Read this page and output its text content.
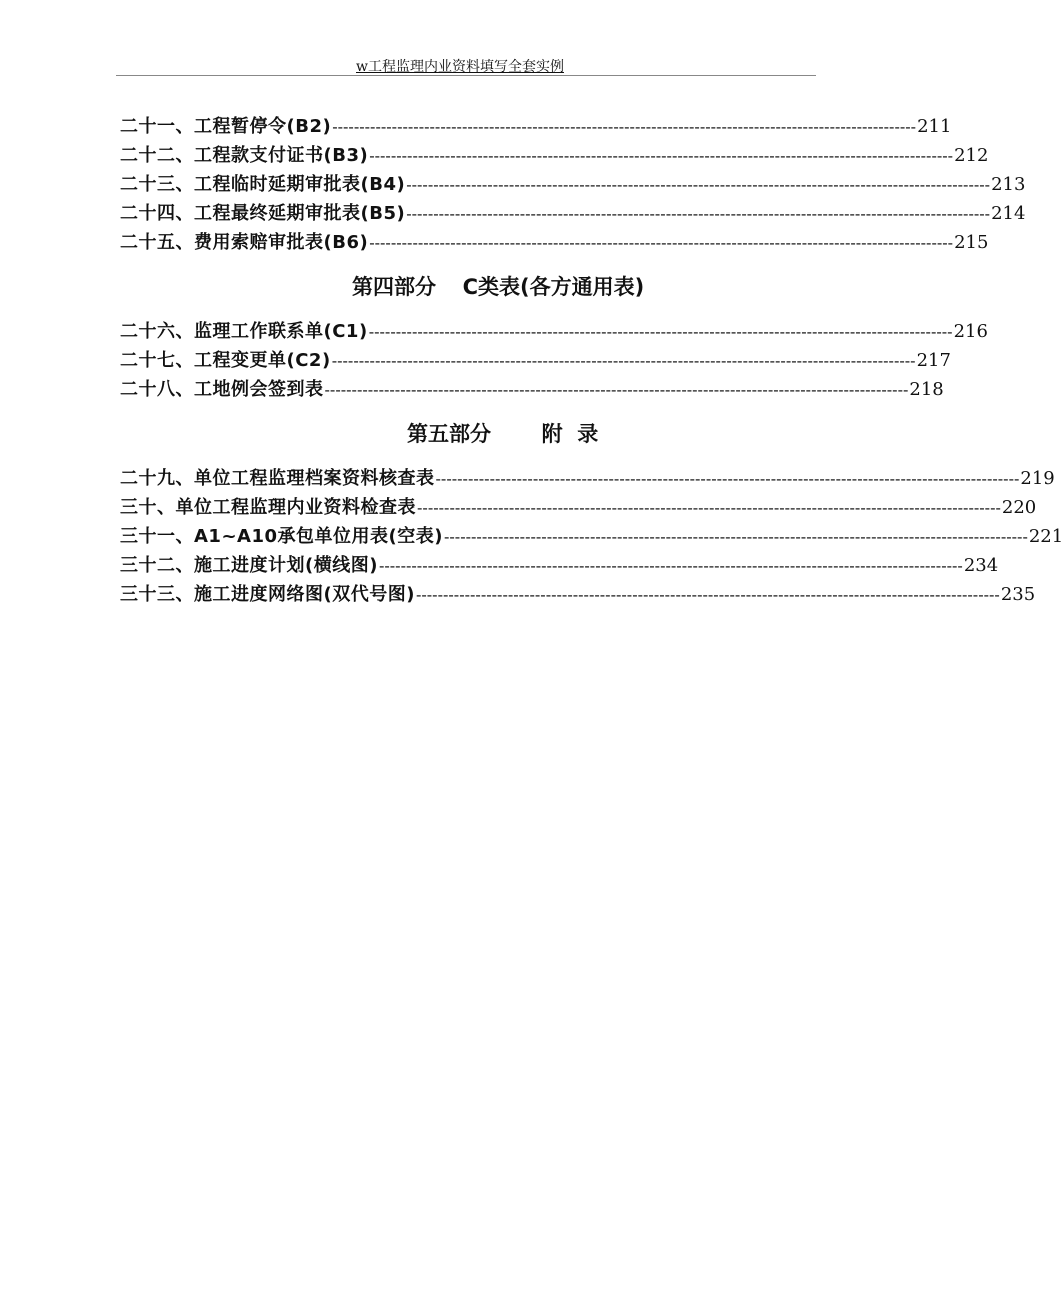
w工程监理内业资料填写全套实例
二十一、工程暂停令(B2) ------------------------------------------------------------------------------------------------------------ 211
二十二、工程款支付证书(B3) ------------------------------------------------------------------------------------------------------------ 212
二十三、工程临时延期审批表(B4) ------------------------------------------------------------------------------------------------------------ 213
二十四、工程最终延期审批表(B5) ------------------------------------------------------------------------------------------------------------ 214
二十五、费用索赔审批表(B6) ------------------------------------------------------------------------------------------------------------ 215
第四部分 C类表(各方通用表)
二十六、监理工作联系单(C1) ------------------------------------------------------------------------------------------------------------ 216
二十七、工程变更单(C2) ------------------------------------------------------------------------------------------------------------ 217
二十八、工地例会签到表 ------------------------------------------------------------------------------------------------------------ 218
第五部分 附  录
二十九、单位工程监理档案资料核查表 ------------------------------------------------------------------------------------------------------------ 219
三十、单位工程监理内业资料检查表 ------------------------------------------------------------------------------------------------------------ 220
三十一、A1~A10承包单位用表(空表) ------------------------------------------------------------------------------------------------------------ 221
三十二、施工进度计划(横线图) ------------------------------------------------------------------------------------------------------------ 234
三十三、施工进度网络图(双代号图) ------------------------------------------------------------------------------------------------------------ 235
